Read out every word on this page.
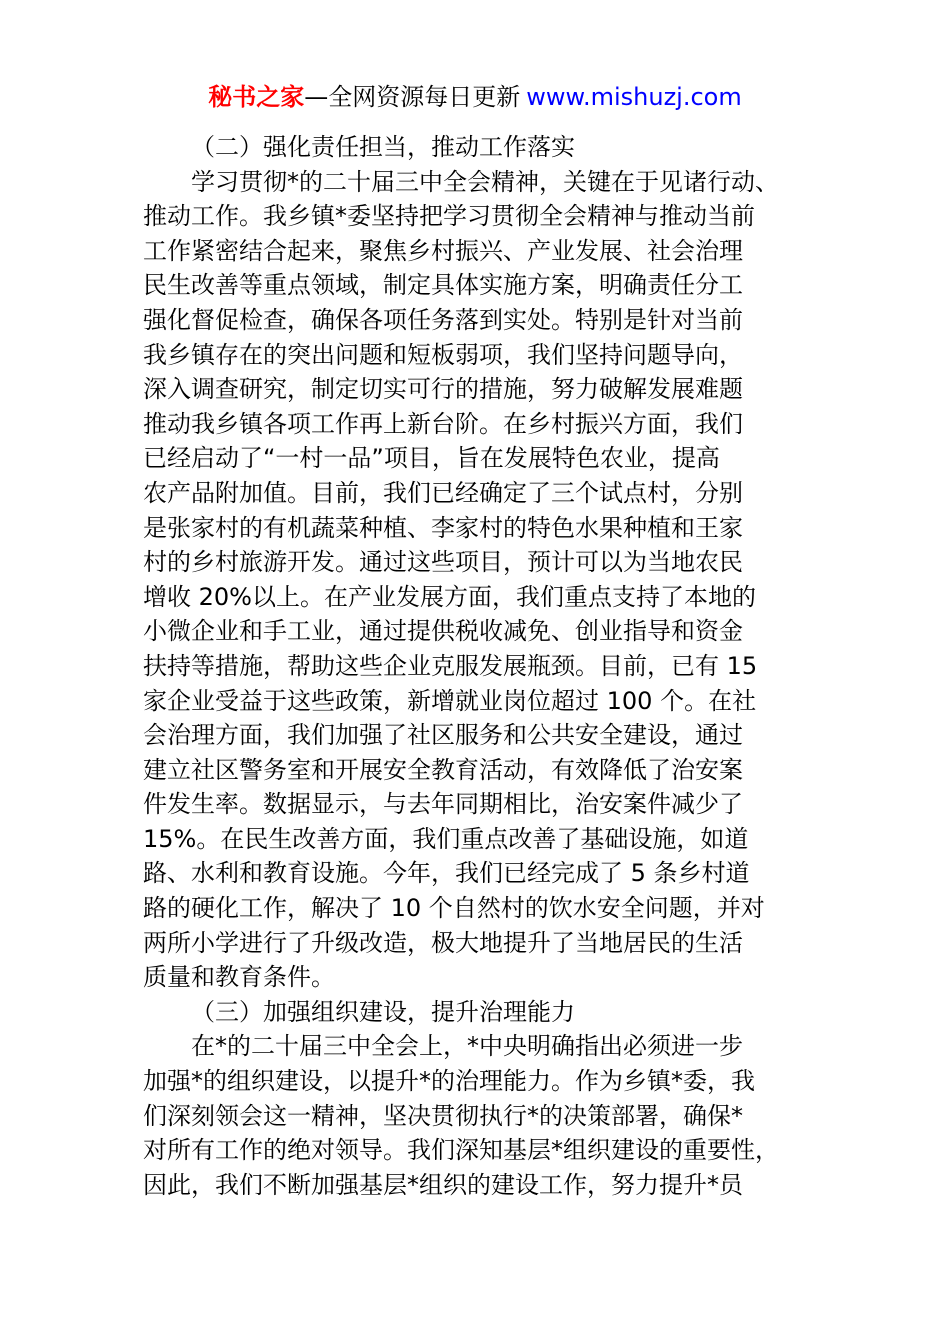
秘书之家—全网资源每日更新 www.mishuzj.com
（二）强化责任担当，推动工作落实
学习贯彻*的二十届三中全会精神，关键在于见诸行动、
推动工作。我乡镇*委坚持把学习贯彻全会精神与推动当前
工作紧密结合起来，聚焦乡村振兴、产业发展、社会治理
民生改善等重点领域，制定具体实施方案，明确责任分工
强化督促检查，确保各项任务落到实处。特别是针对当前
我乡镇存在的突出问题和短板弱项，我们坚持问题导向，
深入调查研究，制定切实可行的措施，努力破解发展难题
推动我乡镇各项工作再上新台阶。在乡村振兴方面，我们
已经启动了“一村一品”项目，旨在发展特色农业，提高
农产品附加值。目前，我们已经确定了三个试点村，分别
是张家村的有机蔬菜种植、李家村的特色水果种植和王家
村的乡村旅游开发。通过这些项目，预计可以为当地农民
增收 20%以上。在产业发展方面，我们重点支持了本地的
小微企业和手工业，通过提供税收减免、创业指导和资金
扶持等措施，帮助这些企业克服发展瓶颈。目前，已有 15
家企业受益于这些政策，新增就业岗位超过 100 个。在社
会治理方面，我们加强了社区服务和公共安全建设，通过
建立社区警务室和开展安全教育活动，有效降低了治安案
件发生率。数据显示，与去年同期相比，治安案件减少了
15%。在民生改善方面，我们重点改善了基础设施，如道
路、水利和教育设施。今年，我们已经完成了 5 条乡村道
路的硬化工作，解决了 10 个自然村的饮水安全问题，并对
两所小学进行了升级改造，极大地提升了当地居民的生活
质量和教育条件。
（三）加强组织建设，提升治理能力
在*的二十届三中全会上，*中央明确指出必须进一步
加强*的组织建设，以提升*的治理能力。作为乡镇*委，我
们深刻领会这一精神，坚决贯彻执行*的决策部署，确保*
对所有工作的绝对领导。我们深知基层*组织建设的重要性，
因此，我们不断加强基层*组织的建设工作，努力提升*员
